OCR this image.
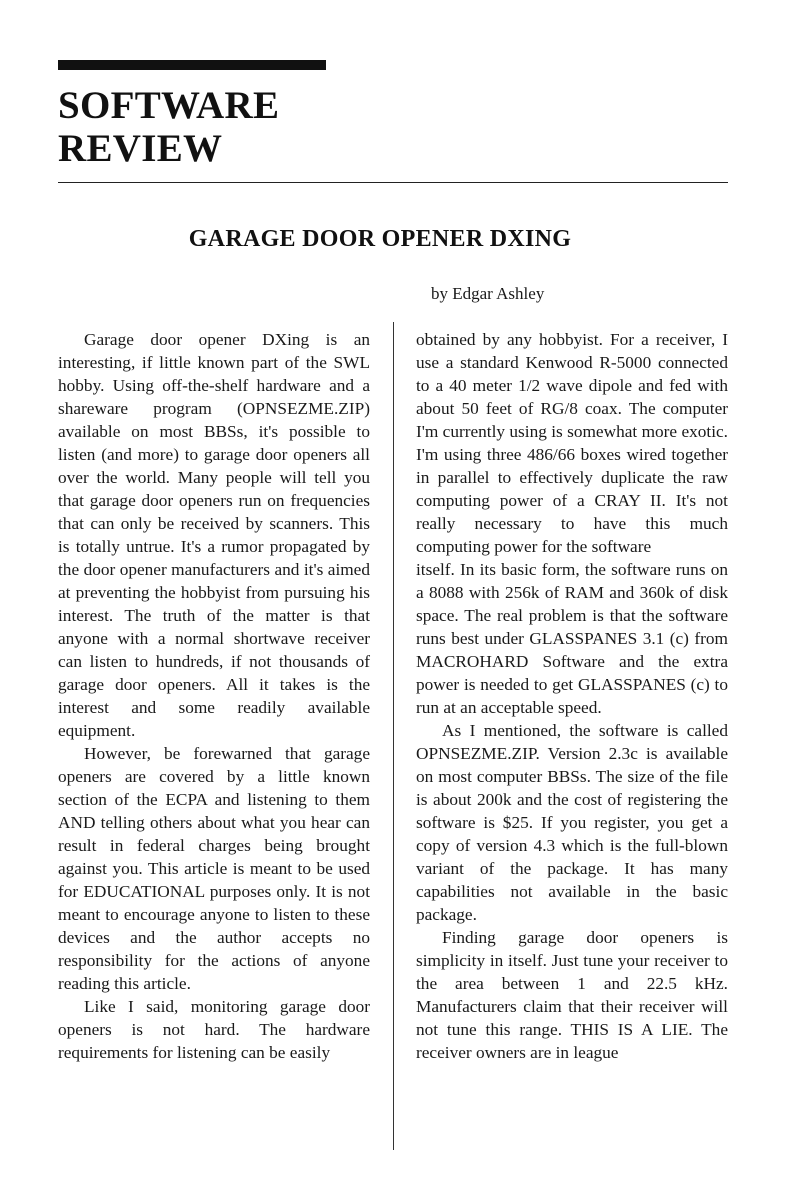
SOFTWARE
REVIEW
GARAGE DOOR OPENER DXING
by Edgar Ashley

Garage door opener DXing is an interesting, if little known part of the SWL hobby. Using off-the-shelf hardware and a shareware program (OPNSEZME.ZIP) available on most BBSs, it's possible to listen (and more) to garage door openers all over the world. Many people will tell you that garage door openers run on frequencies that can only be received by scanners. This is totally untrue. It's a rumor propagated by the door opener manufacturers and it's aimed at preventing the hobbyist from pursuing his interest. The truth of the matter is that anyone with a normal shortwave receiver can listen to hundreds, if not thousands of garage door openers. All it takes is the interest and some readily available equipment.

However, be forewarned that garage openers are covered by a little known section of the ECPA and listening to them AND telling others about what you hear can result in federal charges being brought against you. This article is meant to be used for EDUCATIONAL purposes only. It is not meant to encourage anyone to listen to these devices and the author accepts no responsibility for the actions of anyone reading this article.

Like I said, monitoring garage door openers is not hard. The hardware requirements for listening can be easily

obtained by any hobbyist. For a receiver, I use a standard Kenwood R-5000 connected to a 40 meter 1/2 wave dipole and fed with about 50 feet of RG/8 coax. The computer I'm currently using is somewhat more exotic. I'm using three 486/66 boxes wired together in parallel to effectively duplicate the raw computing power of a CRAY II. It's not really necessary to have this much computing power for the software

itself. In its basic form, the software runs on a 8088 with 256k of RAM and 360k of disk space. The real problem is that the software runs best under GLASSPANES 3.1 (c) from MACROHARD Software and the extra power is needed to get GLASSPANES (c) to run at an acceptable speed.

As I mentioned, the software is called OPNSEZME.ZIP. Version 2.3c is available on most computer BBSs. The size of the file is about 200k and the cost of registering the software is $25. If you register, you get a copy of version 4.3 which is the full-blown variant of the package. It has many capabilities not available in the basic package.

Finding garage door openers is simplicity in itself. Just tune your receiver to the area between 1 and 22.5 kHz. Manufacturers claim that their receiver will not tune this range. THIS IS A LIE. The receiver owners are in league
